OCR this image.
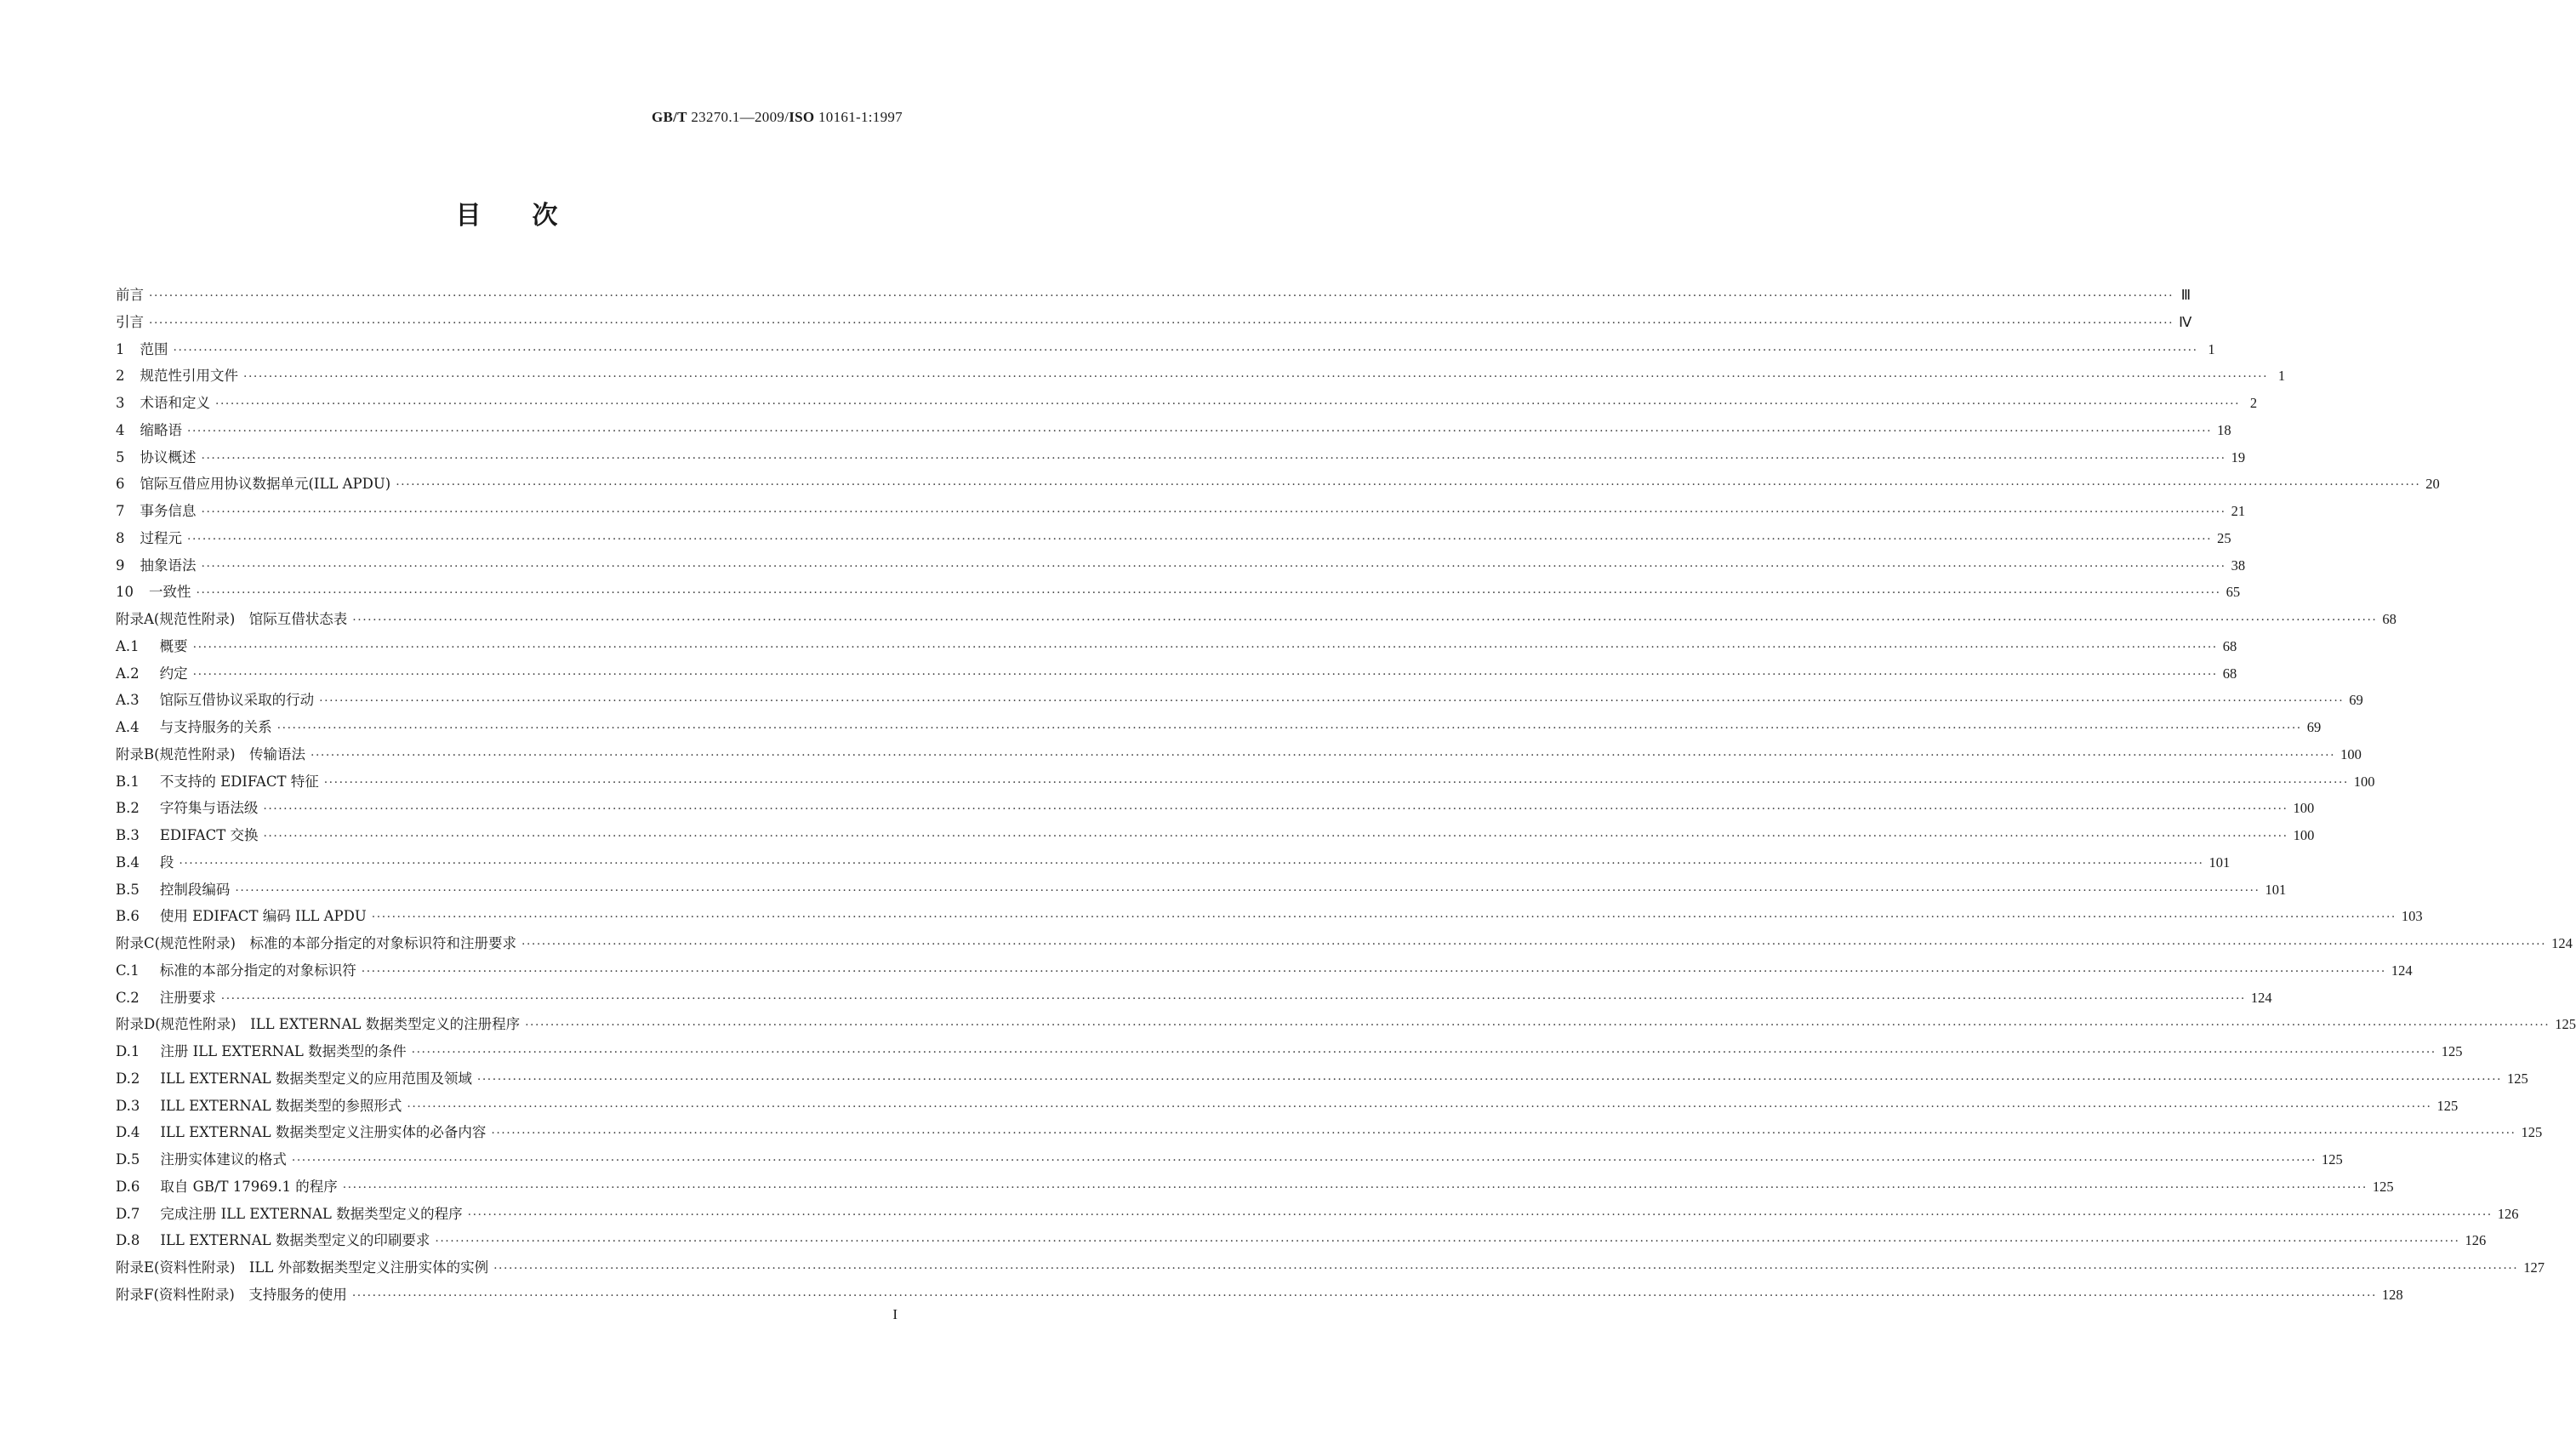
GB/T 23270.1—2009/ISO 10161-1:1997
目次
前言 ················································································································································································································································································································································································································ Ⅲ
引言 ················································································································································································································································································································································································································ Ⅳ
1 范围 ················································································································································································································································································································································································································ 1
2 规范性引用文件 ················································································································································································································································································································································································································ 1
3 术语和定义 ················································································································································································································································································································································································································ 2
4 缩略语 ················································································································································································································································································································································································································ 18
5 协议概述 ················································································································································································································································································································································································································ 19
6 馆际互借应用协议数据单元(ILL APDU) ················································································································································································································································································································································································································ 20
7 事务信息 ················································································································································································································································································································································································································ 21
8 过程元 ················································································································································································································································································································································································································ 25
9 抽象语法 ················································································································································································································································································································································································································ 38
10 一致性 ················································································································································································································································································································································································································ 65
附录A(规范性附录)　馆际互借状态表 ················································································································································································································································································································································································································ 68
A.1 概要 ················································································································································································································································································································································································································ 68
A.2 约定 ················································································································································································································································································································································································································ 68
A.3 馆际互借协议采取的行动 ················································································································································································································································································································································································································ 69
A.4 与支持服务的关系 ················································································································································································································································································································································································································ 69
附录B(规范性附录)　传输语法 ················································································································································································································································································································································································································ 100
B.1 不支持的 EDIFACT 特征 ················································································································································································································································································································································································································ 100
B.2 字符集与语法级 ················································································································································································································································································································································································································ 100
B.3 EDIFACT 交换 ················································································································································································································································································································································································································ 100
B.4 段 ················································································································································································································································································································································································································ 101
B.5 控制段编码 ················································································································································································································································································································································································································ 101
B.6 使用 EDIFACT 编码 ILL APDU ················································································································································································································································································································································································································ 103
附录C(规范性附录)　标准的本部分指定的对象标识符和注册要求 ················································································································································································································································································································································································································ 124
C.1 标准的本部分指定的对象标识符 ················································································································································································································································································································································································································ 124
C.2 注册要求 ················································································································································································································································································································································································································ 124
附录D(规范性附录)　ILL EXTERNAL 数据类型定义的注册程序 ················································································································································································································································································································································································································ 125
D.1 注册 ILL EXTERNAL 数据类型的条件 ················································································································································································································································································································································································································ 125
D.2 ILL EXTERNAL 数据类型定义的应用范围及领域 ················································································································································································································································································································································································································ 125
D.3 ILL EXTERNAL 数据类型的参照形式 ················································································································································································································································································································································································································ 125
D.4 ILL EXTERNAL 数据类型定义注册实体的必备内容 ················································································································································································································································································································································································································ 125
D.5 注册实体建议的格式 ················································································································································································································································································································································································································ 125
D.6 取自 GB/T 17969.1 的程序 ················································································································································································································································································································································································································ 125
D.7 完成注册 ILL EXTERNAL 数据类型定义的程序 ················································································································································································································································································································································································································ 126
D.8 ILL EXTERNAL 数据类型定义的印刷要求 ················································································································································································································································································································································································································ 126
附录E(资料性附录)　ILL 外部数据类型定义注册实体的实例 ················································································································································································································································································································································································································ 127
附录F(资料性附录)　支持服务的使用 ················································································································································································································································································································································································································ 128
I
